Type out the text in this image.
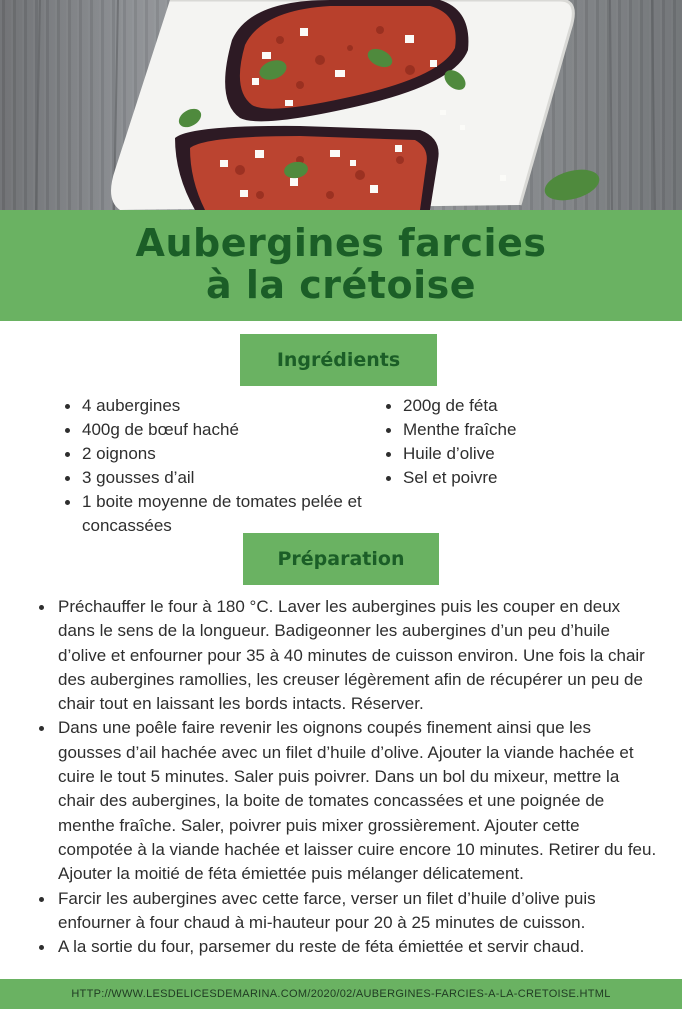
Aubergines farcies
à la crétoise
Ingrédients
4 aubergines
400g de bœuf haché
2 oignons
3 gousses d’ail
1 boite moyenne de tomates pelée et concassées
200g de féta
Menthe fraîche
Huile d’olive
Sel et poivre
Préparation
Préchauffer le four à 180 °C. Laver les aubergines puis les couper en deux dans le sens de la longueur. Badigeonner les aubergines d’un peu d’huile d’olive et enfourner pour 35 à 40 minutes de cuisson environ. Une fois la chair des aubergines ramollies, les creuser légèrement afin de récupérer un peu de chair tout en laissant les bords intacts. Réserver.
Dans une poêle faire revenir les oignons coupés finement ainsi que les gousses d’ail hachée avec un filet d’huile d’olive. Ajouter la viande hachée et cuire le tout 5 minutes. Saler puis poivrer. Dans un bol du mixeur, mettre la chair des aubergines, la boite de tomates concassées et une poignée de menthe fraîche. Saler, poivrer puis mixer grossièrement. Ajouter cette compotée à la viande hachée et laisser cuire encore 10 minutes. Retirer du feu. Ajouter la moitié de féta émiettée puis mélanger délicatement.
Farcir les aubergines avec cette farce, verser un filet d’huile d’olive puis enfourner à four chaud à mi-hauteur pour 20 à 25 minutes de cuisson.
A la sortie du four, parsemer du reste de féta émiettée et servir chaud.
HTTP://WWW.LESDELICESDEMARINA.COM/2020/02/AUBERGINES-FARCIES-A-LA-CRETOISE.HTML
